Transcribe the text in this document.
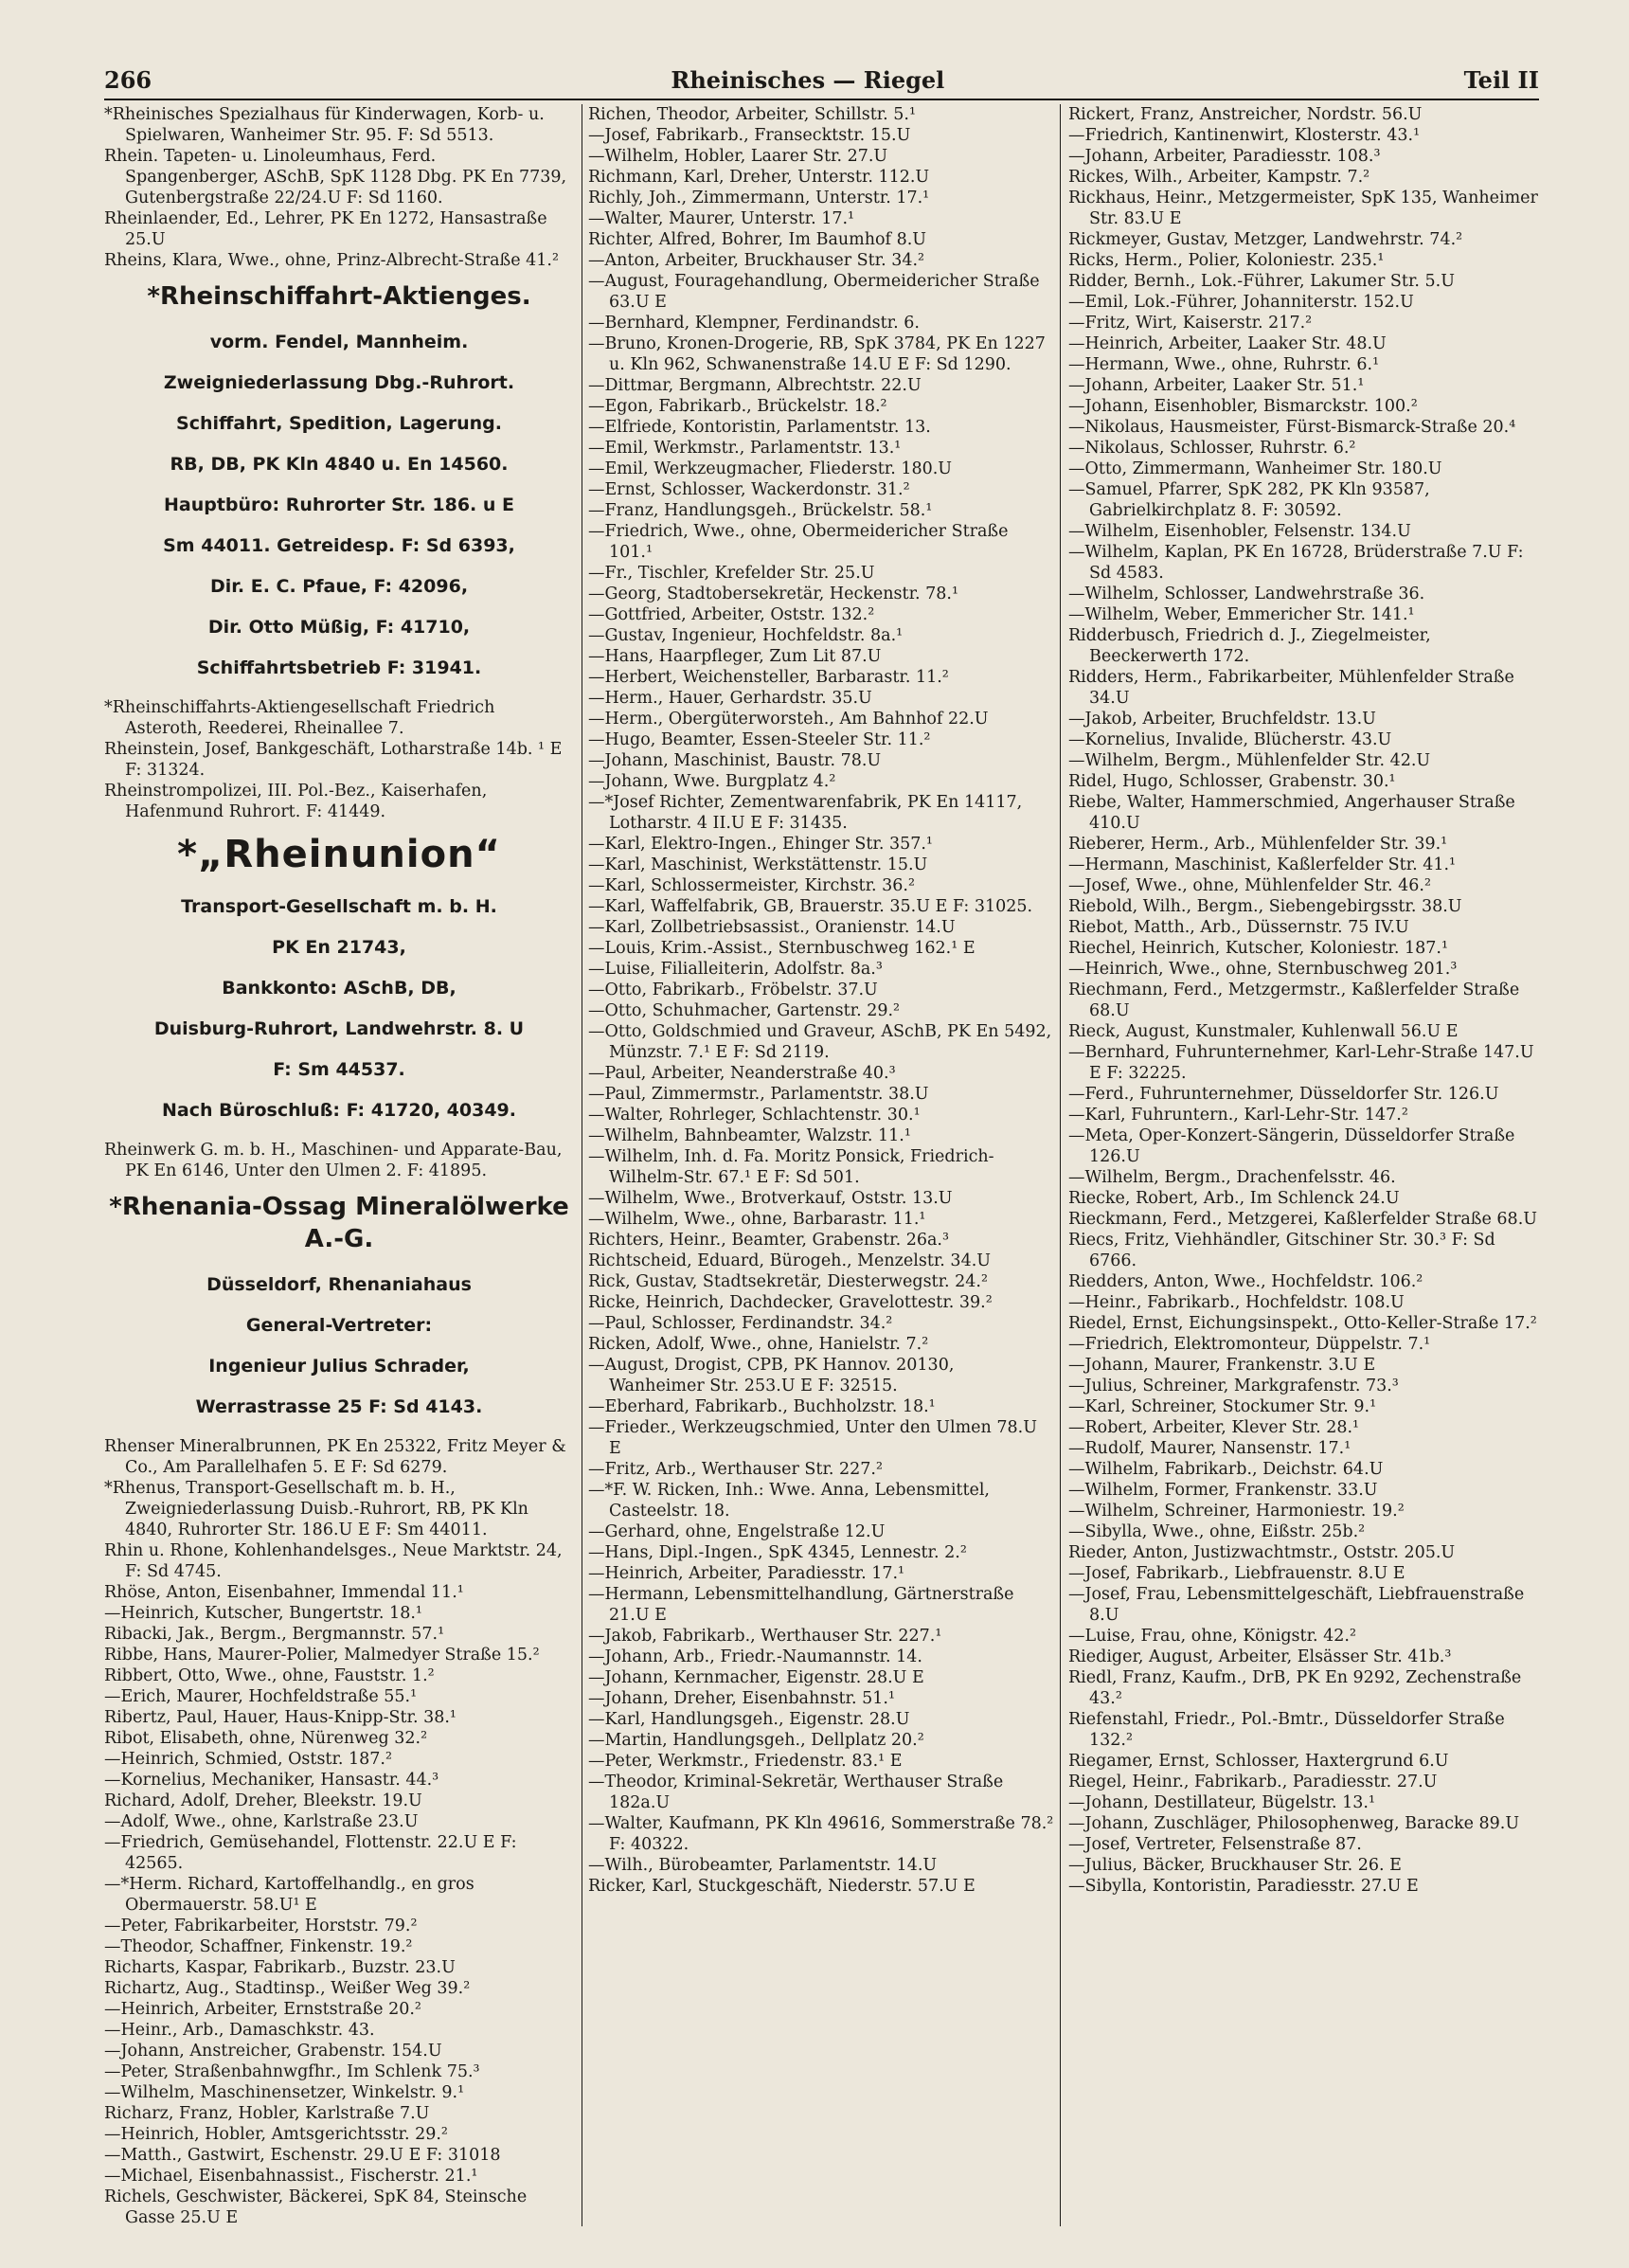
266	Rheinisches — Riegel	Teil II

*Rheinisches Spezialhaus für Kinderwagen, Korb- u. Spielwaren, Wanheimer Str. 95. F: Sd 5513.

Rhein. Tapeten- u. Linoleumhaus, Ferd. Spangenberger, ASchB, SpK 1128 Dbg. PK En 7739, Gutenbergstraße 22/24.U F: Sd 1160.

Rheinlaender, Ed., Lehrer, PK En 1272, Hansastraße 25.U

Rheins, Klara, Wwe., ohne, Prinz-Albrecht-Straße 41.²

*Rheinschiffahrt-Aktienges.

vorm. Fendel, Mannheim.

Zweigniederlassung Dbg.-Ruhrort.

Schiffahrt, Spedition, Lagerung.

RB, DB, PK Kln 4840 u. En 14560.

Hauptbüro: Ruhrorter Str. 186. u E

Sm 44011. Getreidesp. F: Sd 6393,

Dir. E. C. Pfaue, F: 42096,

Dir. Otto Müßig, F: 41710,

Schiffahrtsbetrieb F: 31941.

*Rheinschiffahrts-Aktiengesellschaft Friedrich Asteroth, Reederei, Rheinallee 7.

Rheinstein, Josef, Bankgeschäft, Lotharstraße 14b. ¹ E F: 31324.

Rheinstrompolizei, III. Pol.-Bez., Kaiserhafen, Hafenmund Ruhrort. F: 41449.

*„Rheinunion“

Transport-Gesellschaft m. b. H.

PK En 21743,

Bankkonto: ASchB, DB,

Duisburg-Ruhrort, Landwehrstr. 8. U

F: Sm 44537.

Nach Büroschluß: F: 41720, 40349.

Rheinwerk G. m. b. H., Maschinen- und Apparate-Bau, PK En 6146, Unter den Ulmen 2. F: 41895.

*Rhenania-Ossag Mineralölwerke A.-G.

Düsseldorf, Rhenaniahaus

General-Vertreter:

Ingenieur Julius Schrader,

Werrastrasse 25 F: Sd 4143.

Rhenser Mineralbrunnen, PK En 25322, Fritz Meyer & Co., Am Parallelhafen 5. E F: Sd 6279.

*Rhenus, Transport-Gesellschaft m. b. H., Zweigniederlassung Duisb.-Ruhrort, RB, PK Kln 4840, Ruhrorter Str. 186.U E F: Sm 44011.

Rhin u. Rhone, Kohlenhandelsges., Neue Marktstr. 24, F: Sd 4745.

Rhöse, Anton, Eisenbahner, Immendal 11.¹

—Heinrich, Kutscher, Bungertstr. 18.¹

Ribacki, Jak., Bergm., Bergmannstr. 57.¹

Ribbe, Hans, Maurer-Polier, Malmedyer Straße 15.²

Ribbert, Otto, Wwe., ohne, Fauststr. 1.²

—Erich, Maurer, Hochfeldstraße 55.¹

Ribertz, Paul, Hauer, Haus-Knipp-Str. 38.¹

Ribot, Elisabeth, ohne, Nürenweg 32.²

—Heinrich, Schmied, Oststr. 187.²

—Kornelius, Mechaniker, Hansastr. 44.³

Richard, Adolf, Dreher, Bleekstr. 19.U

—Adolf, Wwe., ohne, Karlstraße 23.U

—Friedrich, Gemüsehandel, Flottenstr. 22.U E F: 42565.

—*Herm. Richard, Kartoffelhandlg., en gros Obermauerstr. 58.U¹ E

—Peter, Fabrikarbeiter, Horststr. 79.²

—Theodor, Schaffner, Finkenstr. 19.²

Richarts, Kaspar, Fabrikarb., Buzstr. 23.U

Richartz, Aug., Stadtinsp., Weißer Weg 39.²

—Heinrich, Arbeiter, Ernststraße 20.²

—Heinr., Arb., Damaschkstr. 43.

—Johann, Anstreicher, Grabenstr. 154.U

—Peter, Straßenbahnwgfhr., Im Schlenk 75.³

—Wilhelm, Maschinensetzer, Winkelstr. 9.¹

Richarz, Franz, Hobler, Karlstraße 7.U

—Heinrich, Hobler, Amtsgerichtsstr. 29.²

—Matth., Gastwirt, Eschenstr. 29.U E F: 31018

—Michael, Eisenbahnassist., Fischerstr. 21.¹

Richels, Geschwister, Bäckerei, SpK 84, Steinsche Gasse 25.U E

Richen, Theodor, Arbeiter, Schillstr. 5.¹

—Josef, Fabrikarb., Fransecktstr. 15.U

—Wilhelm, Hobler, Laarer Str. 27.U

Richmann, Karl, Dreher, Unterstr. 112.U

Richly, Joh., Zimmermann, Unterstr. 17.¹

—Walter, Maurer, Unterstr. 17.¹

Richter, Alfred, Bohrer, Im Baumhof 8.U

—Anton, Arbeiter, Bruckhauser Str. 34.²

—August, Fouragehandlung, Obermeidericher Straße 63.U E

—Bernhard, Klempner, Ferdinandstr. 6.

—Bruno, Kronen-Drogerie, RB, SpK 3784, PK En 1227 u. Kln 962, Schwanenstraße 14.U E F: Sd 1290.

—Dittmar, Bergmann, Albrechtstr. 22.U

—Egon, Fabrikarb., Brückelstr. 18.²

—Elfriede, Kontoristin, Parlamentstr. 13.

—Emil, Werkmstr., Parlamentstr. 13.¹

—Emil, Werkzeugmacher, Fliederstr. 180.U

—Ernst, Schlosser, Wackerdonstr. 31.²

—Franz, Handlungsgeh., Brückelstr. 58.¹

—Friedrich, Wwe., ohne, Obermeidericher Straße 101.¹

—Fr., Tischler, Krefelder Str. 25.U

—Georg, Stadtobersekretär, Heckenstr. 78.¹

—Gottfried, Arbeiter, Oststr. 132.²

—Gustav, Ingenieur, Hochfeldstr. 8a.¹

—Hans, Haarpfleger, Zum Lit 87.U

—Herbert, Weichensteller, Barbarastr. 11.²

—Herm., Hauer, Gerhardstr. 35.U

—Herm., Obergüterworsteh., Am Bahnhof 22.U

—Hugo, Beamter, Essen-Steeler Str. 11.²

—Johann, Maschinist, Baustr. 78.U

—Johann, Wwe. Burgplatz 4.²

—*Josef Richter, Zementwarenfabrik, PK En 14117, Lotharstr. 4 II.U E F: 31435.

—Karl, Elektro-Ingen., Ehinger Str. 357.¹

—Karl, Maschinist, Werkstättenstr. 15.U

—Karl, Schlossermeister, Kirchstr. 36.²

—Karl, Waffelfabrik, GB, Brauerstr. 35.U E F: 31025.

—Karl, Zollbetriebsassist., Oranienstr. 14.U

—Louis, Krim.-Assist., Sternbuschweg 162.¹ E

—Luise, Filialleiterin, Adolfstr. 8a.³

—Otto, Fabrikarb., Fröbelstr. 37.U

—Otto, Schuhmacher, Gartenstr. 29.²

—Otto, Goldschmied und Graveur, ASchB, PK En 5492, Münzstr. 7.¹ E F: Sd 2119.

—Paul, Arbeiter, Neanderstraße 40.³

—Paul, Zimmermstr., Parlamentstr. 38.U

—Walter, Rohrleger, Schlachtenstr. 30.¹

—Wilhelm, Bahnbeamter, Walzstr. 11.¹

—Wilhelm, Inh. d. Fa. Moritz Ponsick, Friedrich-Wilhelm-Str. 67.¹ E F: Sd 501.

—Wilhelm, Wwe., Brotverkauf, Oststr. 13.U

—Wilhelm, Wwe., ohne, Barbarastr. 11.¹

Richters, Heinr., Beamter, Grabenstr. 26a.³

Richtscheid, Eduard, Bürogeh., Menzelstr. 34.U

Rick, Gustav, Stadtsekretär, Diesterwegstr. 24.²

Ricke, Heinrich, Dachdecker, Gravelottestr. 39.²

—Paul, Schlosser, Ferdinandstr. 34.²

Ricken, Adolf, Wwe., ohne, Hanielstr. 7.²

—August, Drogist, CPB, PK Hannov. 20130, Wanheimer Str. 253.U E F: 32515.

—Eberhard, Fabrikarb., Buchholzstr. 18.¹

—Frieder., Werkzeugschmied, Unter den Ulmen 78.U E

—Fritz, Arb., Werthauser Str. 227.²

—*F. W. Ricken, Inh.: Wwe. Anna, Lebensmittel, Casteelstr. 18.

—Gerhard, ohne, Engelstraße 12.U

—Hans, Dipl.-Ingen., SpK 4345, Lennestr. 2.²

—Heinrich, Arbeiter, Paradiesstr. 17.¹

—Hermann, Lebensmittelhandlung, Gärtnerstraße 21.U E

—Jakob, Fabrikarb., Werthauser Str. 227.¹

—Johann, Arb., Friedr.-Naumannstr. 14.

—Johann, Kernmacher, Eigenstr. 28.U E

—Johann, Dreher, Eisenbahnstr. 51.¹

—Karl, Handlungsgeh., Eigenstr. 28.U

—Martin, Handlungsgeh., Dellplatz 20.²

—Peter, Werkmstr., Friedenstr. 83.¹ E

—Theodor, Kriminal-Sekretär, Werthauser Straße 182a.U

—Walter, Kaufmann, PK Kln 49616, Sommerstraße 78.² F: 40322.

—Wilh., Bürobeamter, Parlamentstr. 14.U

Ricker, Karl, Stuckgeschäft, Niederstr. 57.U E

Rickert, Franz, Anstreicher, Nordstr. 56.U

—Friedrich, Kantinenwirt, Klosterstr. 43.¹

—Johann, Arbeiter, Paradiesstr. 108.³

Rickes, Wilh., Arbeiter, Kampstr. 7.²

Rickhaus, Heinr., Metzgermeister, SpK 135, Wanheimer Str. 83.U E

Rickmeyer, Gustav, Metzger, Landwehrstr. 74.²

Ricks, Herm., Polier, Koloniestr. 235.¹

Ridder, Bernh., Lok.-Führer, Lakumer Str. 5.U

—Emil, Lok.-Führer, Johanniterstr. 152.U

—Fritz, Wirt, Kaiserstr. 217.²

—Heinrich, Arbeiter, Laaker Str. 48.U

—Hermann, Wwe., ohne, Ruhrstr. 6.¹

—Johann, Arbeiter, Laaker Str. 51.¹

—Johann, Eisenhobler, Bismarckstr. 100.²

—Nikolaus, Hausmeister, Fürst-Bismarck-Straße 20.⁴

—Nikolaus, Schlosser, Ruhrstr. 6.²

—Otto, Zimmermann, Wanheimer Str. 180.U

—Samuel, Pfarrer, SpK 282, PK Kln 93587, Gabrielkirchplatz 8. F: 30592.

—Wilhelm, Eisenhobler, Felsenstr. 134.U

—Wilhelm, Kaplan, PK En 16728, Brüderstraße 7.U F: Sd 4583.

—Wilhelm, Schlosser, Landwehrstraße 36.

—Wilhelm, Weber, Emmericher Str. 141.¹

Ridderbusch, Friedrich d. J., Ziegelmeister, Beeckerwerth 172.

Ridders, Herm., Fabrikarbeiter, Mühlenfelder Straße 34.U

—Jakob, Arbeiter, Bruchfeldstr. 13.U

—Kornelius, Invalide, Blücherstr. 43.U

—Wilhelm, Bergm., Mühlenfelder Str. 42.U

Ridel, Hugo, Schlosser, Grabenstr. 30.¹

Riebe, Walter, Hammerschmied, Angerhauser Straße 410.U

Rieberer, Herm., Arb., Mühlenfelder Str. 39.¹

—Hermann, Maschinist, Kaßlerfelder Str. 41.¹

—Josef, Wwe., ohne, Mühlenfelder Str. 46.²

Riebold, Wilh., Bergm., Siebengebirgsstr. 38.U

Riebot, Matth., Arb., Düssernstr. 75 IV.U

Riechel, Heinrich, Kutscher, Koloniestr. 187.¹

—Heinrich, Wwe., ohne, Sternbuschweg 201.³

Riechmann, Ferd., Metzgermstr., Kaßlerfelder Straße 68.U

Rieck, August, Kunstmaler, Kuhlenwall 56.U E

—Bernhard, Fuhrunternehmer, Karl-Lehr-Straße 147.U E F: 32225.

—Ferd., Fuhrunternehmer, Düsseldorfer Str. 126.U

—Karl, Fuhruntern., Karl-Lehr-Str. 147.²

—Meta, Oper-Konzert-Sängerin, Düsseldorfer Straße 126.U

—Wilhelm, Bergm., Drachenfelsstr. 46.

Riecke, Robert, Arb., Im Schlenck 24.U

Rieckmann, Ferd., Metzgerei, Kaßlerfelder Straße 68.U

Riecs, Fritz, Viehhändler, Gitschiner Str. 30.³ F: Sd 6766.

Riedders, Anton, Wwe., Hochfeldstr. 106.²

—Heinr., Fabrikarb., Hochfeldstr. 108.U

Riedel, Ernst, Eichungsinspekt., Otto-Keller-Straße 17.²

—Friedrich, Elektromonteur, Düppelstr. 7.¹

—Johann, Maurer, Frankenstr. 3.U E

—Julius, Schreiner, Markgrafenstr. 73.³

—Karl, Schreiner, Stockumer Str. 9.¹

—Robert, Arbeiter, Klever Str. 28.¹

—Rudolf, Maurer, Nansenstr. 17.¹

—Wilhelm, Fabrikarb., Deichstr. 64.U

—Wilhelm, Former, Frankenstr. 33.U

—Wilhelm, Schreiner, Harmoniestr. 19.²

—Sibylla, Wwe., ohne, Eißstr. 25b.²

Rieder, Anton, Justizwachtmstr., Oststr. 205.U

—Josef, Fabrikarb., Liebfrauenstr. 8.U E

—Josef, Frau, Lebensmittelgeschäft, Liebfrauenstraße 8.U

—Luise, Frau, ohne, Königstr. 42.²

Riediger, August, Arbeiter, Elsässer Str. 41b.³

Riedl, Franz, Kaufm., DrB, PK En 9292, Zechenstraße 43.²

Riefenstahl, Friedr., Pol.-Bmtr., Düsseldorfer Straße 132.²

Riegamer, Ernst, Schlosser, Haxtergrund 6.U

Riegel, Heinr., Fabrikarb., Paradiesstr. 27.U

—Johann, Destillateur, Bügelstr. 13.¹

—Johann, Zuschläger, Philosophenweg, Baracke 89.U

—Josef, Vertreter, Felsenstraße 87.

—Julius, Bäcker, Bruckhauser Str. 26. E

—Sibylla, Kontoristin, Paradiesstr. 27.U E
